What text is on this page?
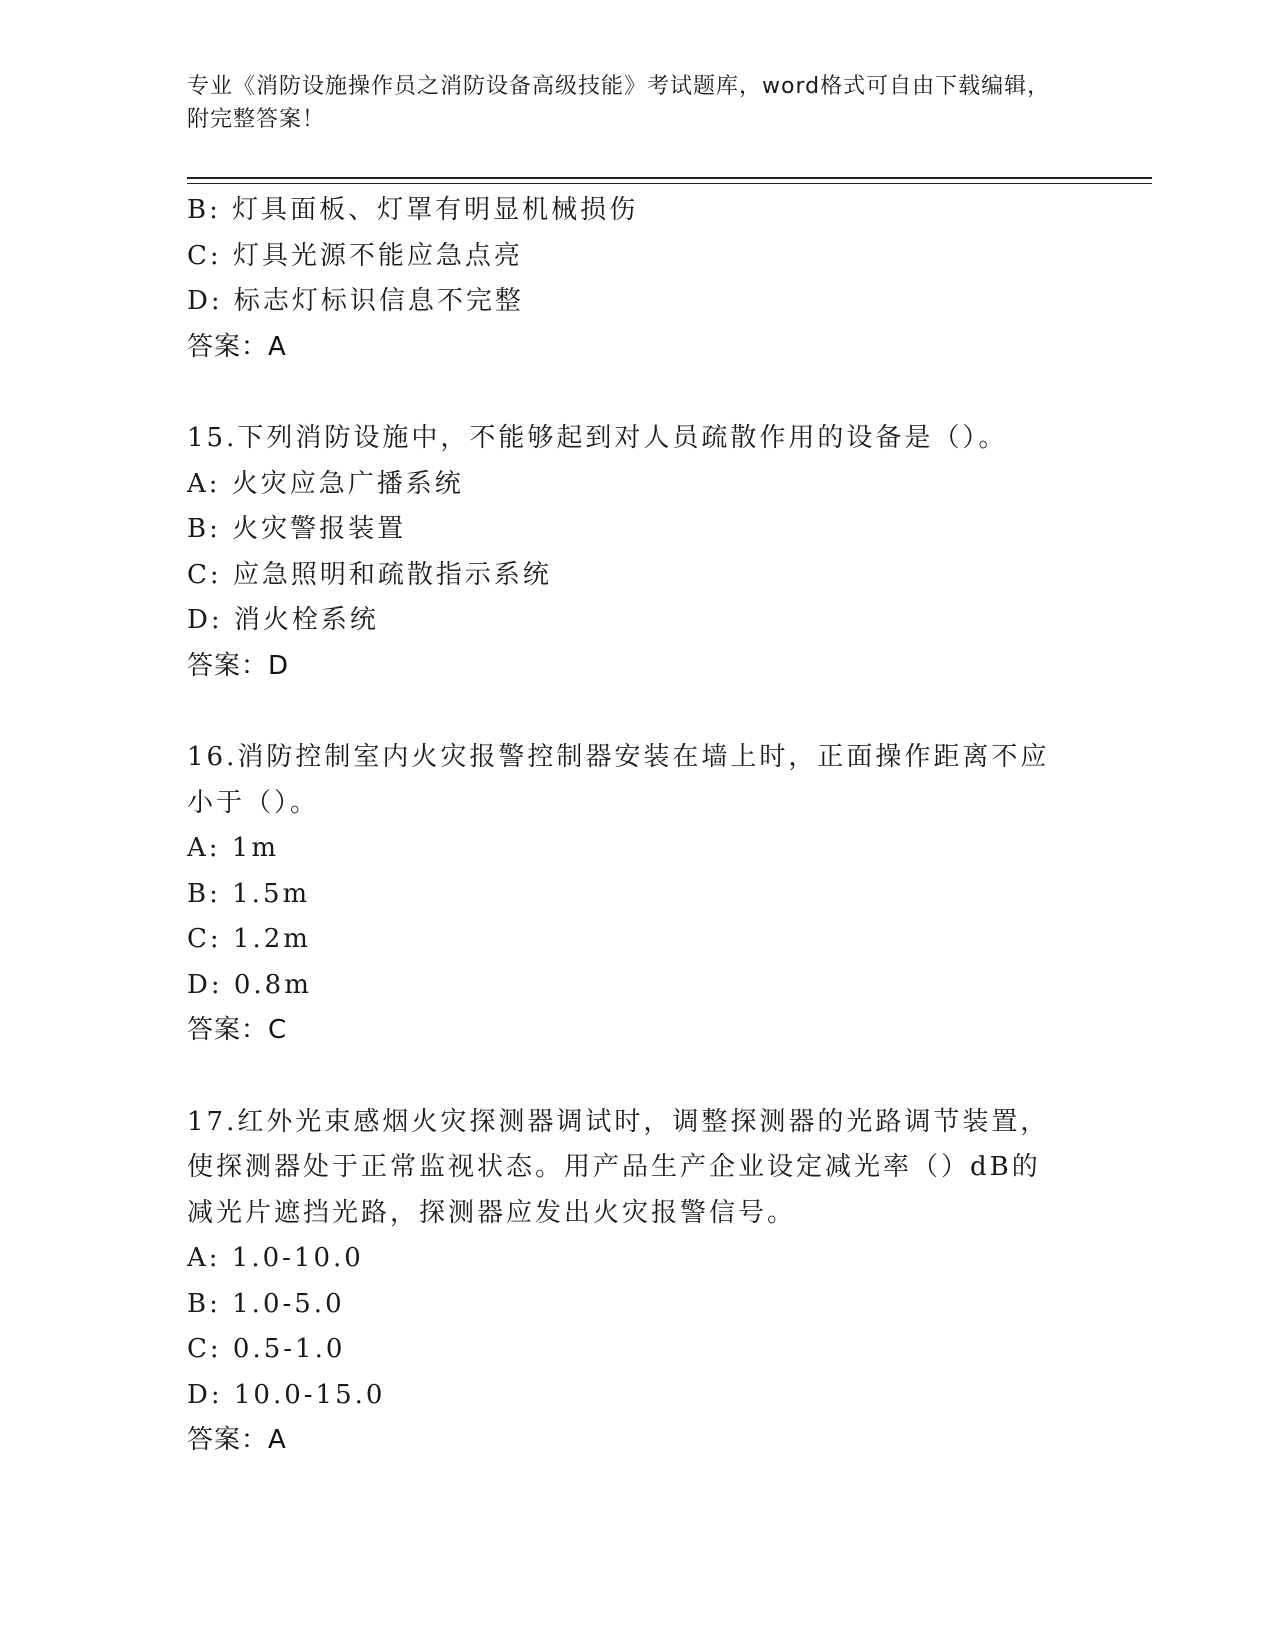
专业《消防设施操作员之消防设备高级技能》考试题库，word格式可自由下载编辑，附完整答案！
B: 灯具面板、灯罩有明显机械损伤
C: 灯具光源不能应急点亮
D: 标志灯标识信息不完整
答案：A
15.下列消防设施中，不能够起到对人员疏散作用的设备是（）。
A: 火灾应急广播系统
B: 火灾警报装置
C: 应急照明和疏散指示系统
D: 消火栓系统
答案：D
16.消防控制室内火灾报警控制器安装在墙上时，正面操作距离不应小于（）。
A: 1m
B: 1.5m
C: 1.2m
D: 0.8m
答案：C
17.红外光束感烟火灾探测器调试时，调整探测器的光路调节装置，使探测器处于正常监视状态。用产品生产企业设定减光率（）dB的减光片遮挡光路，探测器应发出火灾报警信号。
A: 1.0-10.0
B: 1.0-5.0
C: 0.5-1.0
D: 10.0-15.0
答案：A
